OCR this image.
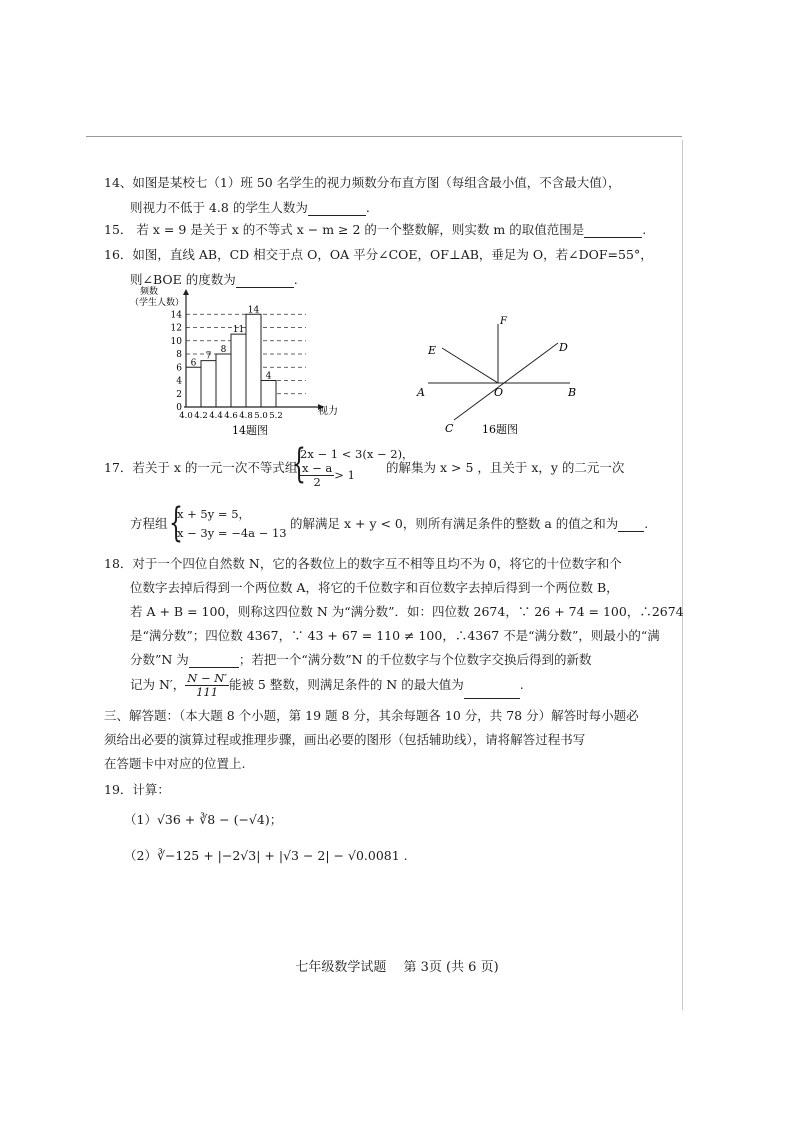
14、如图是某校七（1）班 50 名学生的视力频数分布直方图（每组含最小值，不含最大值），
则视力不低于 4.8 的学生人数为	.
15． 若 x = 9 是关于 x 的不等式 x − m ≥ 2 的一个整数解，则实数 m 的取值范围是	.
16．如图，直线 AB，CD 相交于点 O，OA 平分∠COE，OF⊥AB，垂足为 O，若∠DOF=55°，
则∠BOE 的度数为	.
频数
（学生人数）
6
7
8
11
14
4
0
2
4
6
8
10
12
14
4.0 4.2 4.4 4.6 4.8 5.0 5.2	视力
14题图
F
E	D
A	O	B
C	16题图
17．若关于 x 的一元一次不等式组
{
2x − 1 < 3(x − 2)，
$\frac{x - a}{2} > 1$ 的解集为 x > 5 ，且关于 x，y 的二元一次
方程组 {
x + 5y = 5，
x − 3y = −4a − 13
的解满足 x + y < 0，则所有满足条件的整数 a 的值之和为 .
18．对于一个四位自然数 N，它的各数位上的数字互不相等且均不为 0，将它的十位数字和个
位数字去掉后得到一个两位数 A，将它的千位数字和百位数字去掉后得到一个两位数 B，
若 A + B = 100，则称这四位数 N 为“满分数”．如：四位数 2674，∵ 26 + 74 = 100，∴2674
是“满分数”；四位数 4367，∵ 43 + 67 = 110 ≠ 100，∴4367 不是“满分数”，则最小的“满
分数”N 为	；若把一个“满分数”N 的千位数字与个位数字交换后得到的新数
记为 N′， $\frac{N - N'}{111}$ 能被 5 整数，则满足条件的 N 的最大值为	.
三、解答题：（本大题 8 个小题，第 19 题 8 分，其余每题各 10 分，共 78 分）解答时每小题必
须给出必要的演算过程或推理步骤，画出必要的图形（包括辅助线），请将解答过程书写
在答题卡中对应的位置上.
19．计算：
（1）√36 + ∛8 − (−√4)；
（2）∛−125 + |−2√3| + |√3 − 2| − √0.0081 .
七年级数学试题　 第 3页 (共 6 页)
